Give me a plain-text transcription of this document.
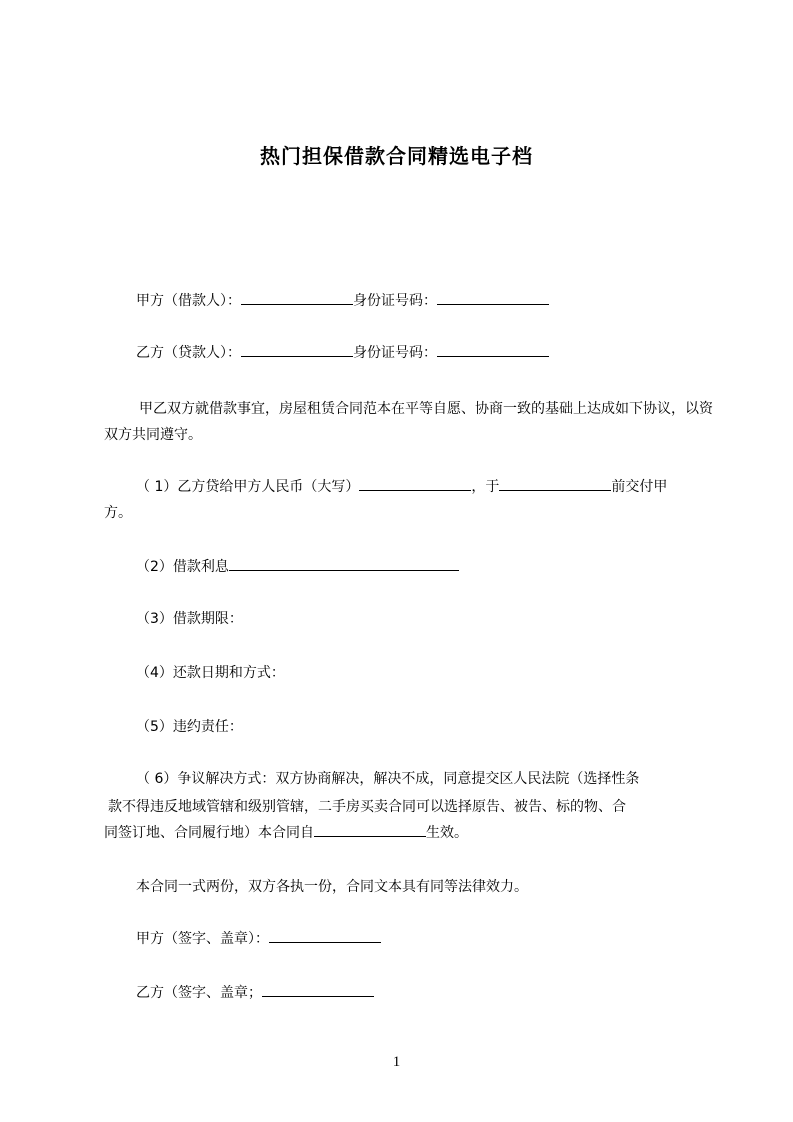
热门担保借款合同精选电子档
甲方（借款人）：	身份证号码：
乙方（贷款人）：	身份证号码：
甲乙双方就借款事宜，房屋租赁合同范本在平等自愿、协商一致的基础上达成如下协议，以资双方共同遵守。
（ 1）乙方贷给甲方人民币（大写）	，于	前交付甲
方。
（2）借款利息
（3）借款期限：
（4）还款日期和方式：
（5）违约责任：
（ 6）争议解决方式：双方协商解决，解决不成，同意提交区人民法院（选择性条
款不得违反地域管辖和级别管辖，二手房买卖合同可以选择原告、被告、标的物、合
同签订地、合同履行地）本合同自	生效。
本合同一式两份，双方各执一份，合同文本具有同等法律效力。
甲方（签字、盖章）：
乙方（签字、盖章；
1
